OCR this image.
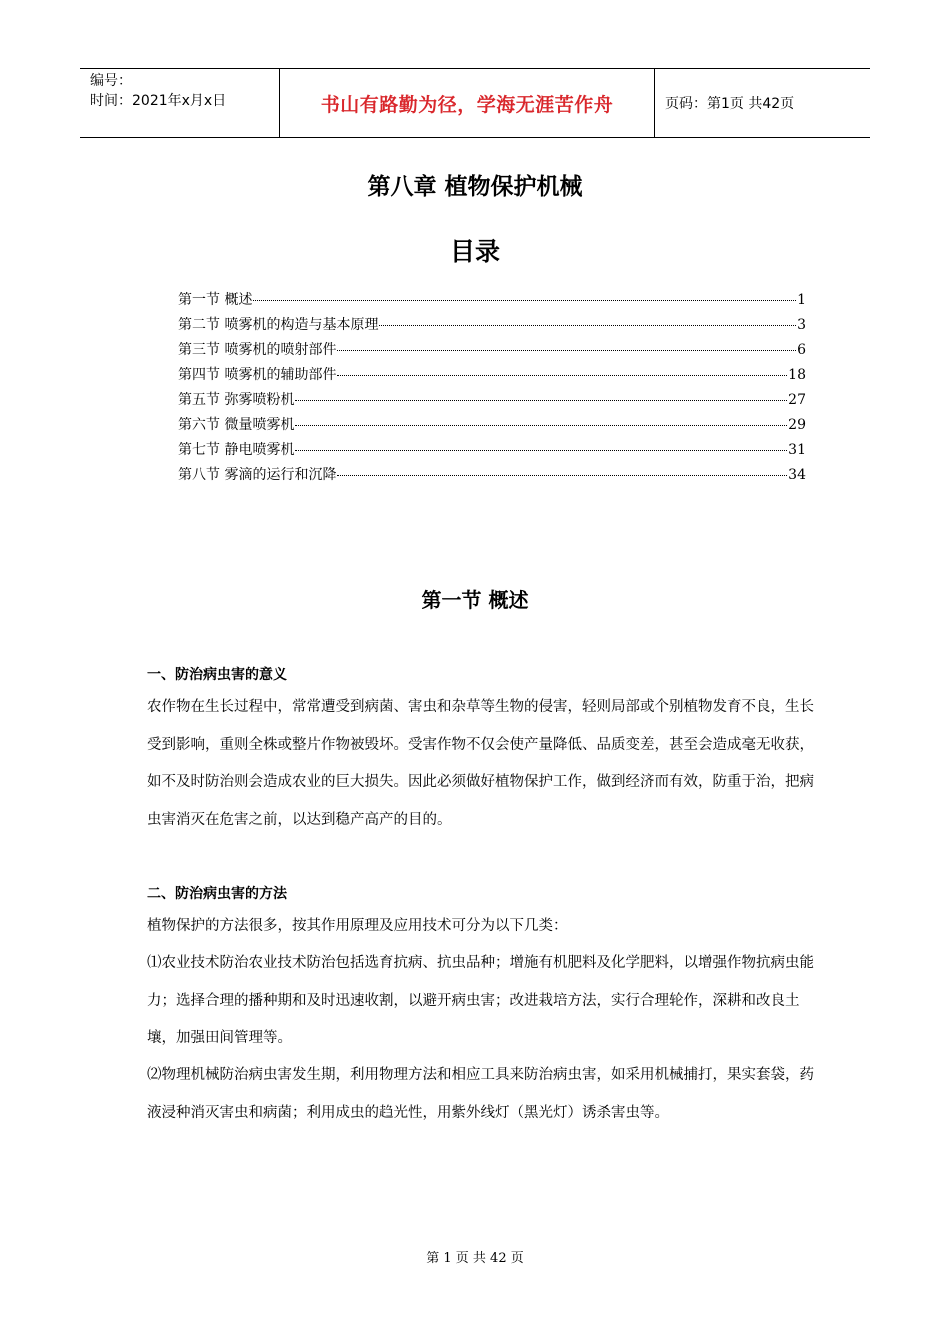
编号：
时间：2021年x月x日	书山有路勤为径，学海无涯苦作舟	页码：第1页 共42页
第八章 植物保护机械
目录
第一节 概述	1
第二节 喷雾机的构造与基本原理	3
第三节 喷雾机的喷射部件	6
第四节 喷雾机的辅助部件	18
第五节 弥雾喷粉机	27
第六节 微量喷雾机	29
第七节 静电喷雾机	31
第八节 雾滴的运行和沉降	34
第一节 概述
一、防治病虫害的意义

农作物在生长过程中，常常遭受到病菌、害虫和杂草等生物的侵害，轻则局部或个别植物发育不良，生长受到影响，重则全株或整片作物被毁坏。受害作物不仅会使产量降低、品质变差，甚至会造成毫无收获，如不及时防治则会造成农业的巨大损失。因此必须做好植物保护工作，做到经济而有效，防重于治，把病虫害消灭在危害之前，以达到稳产高产的目的。

二、防治病虫害的方法

植物保护的方法很多，按其作用原理及应用技术可分为以下几类：

⑴农业技术防治农业技术防治包括选育抗病、抗虫品种；增施有机肥料及化学肥料，以增强作物抗病虫能力；选择合理的播种期和及时迅速收割，以避开病虫害；改进栽培方法，实行合理轮作，深耕和改良土壤，加强田间管理等。

⑵物理机械防治病虫害发生期，利用物理方法和相应工具来防治病虫害，如采用机械捕打，果实套袋，药液浸种消灭害虫和病菌；利用成虫的趋光性，用紫外线灯（黑光灯）诱杀害虫等。

第 1 页 共 42 页
